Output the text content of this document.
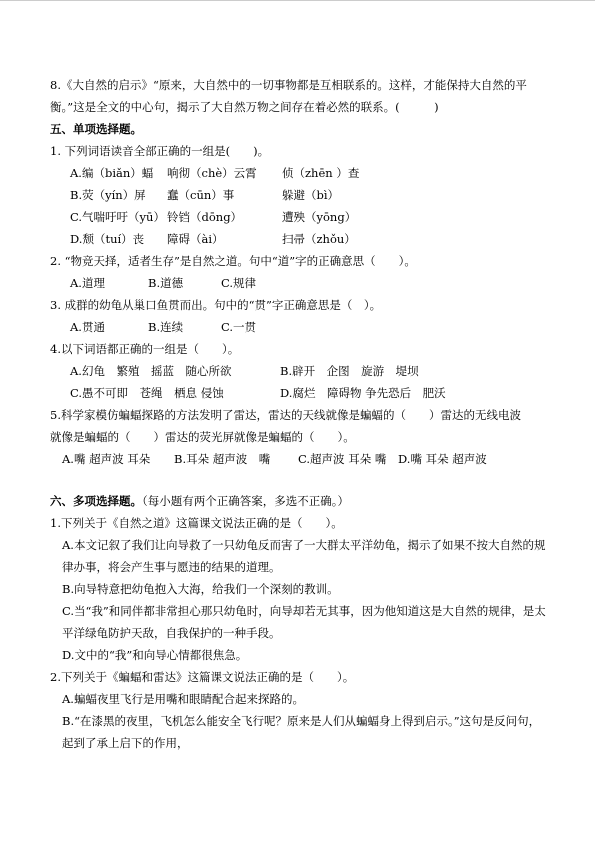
8.《大自然的启示》“原来，大自然中的一切事物都是互相联系的。这样，才能保持大自然的平衡。”这是全文的中心句，揭示了大自然万物之间存在着必然的联系。(　　　)
五、单项选择题。
1. 下列词语读音全部正确的一组是(　　)。
A.编（biǎn）蝠 响彻（chè）云霄 侦（zhēn ）查
B.荧（yín）屏 蠢（cūn）事	躲避（bì）
C.气喘吁吁（yū） 铃铛（dōng）	遭殃（yōng）
D.颓（tuí）丧 障碍（ài）	扫帚（zhǒu）
2. “物竞天择，适者生存”是自然之道。句中“道”字的正确意思（　　）。
A.道理	B.道德	C.规律
3. 成群的幼龟从巢口鱼贯而出。句中的“贯”字正确意思是（　）。
A.贯通	B.连续	C.一贯
4.以下词语都正确的一组是（　　）。
A.幻龟　繁殖　摇蓝　随心所欲	B.辟开　企图　旋游　堤坝
C.愚不可即　苍绳　栖息 侵蚀	D.腐烂　障碍物 争先恐后　肥沃
5.科学家模仿蝙蝠探路的方法发明了雷达，雷达的天线就像是蝙蝠的（　　）雷达的无线电波
就像是蝙蝠的（　　）雷达的荧光屏就像是蝙蝠的（　　）。
A.嘴 超声波 耳朵 B.耳朵 超声波　嘴 C.超声波 耳朵 嘴 D.嘴 耳朵 超声波
六、多项选择题。（每小题有两个正确答案，多选不正确。）
1.下列关于《自然之道》这篇课文说法正确的是（　　）。
A.本文记叙了我们让向导救了一只幼龟反而害了一大群太平洋幼龟，揭示了如果不按大自然的规律办事，将会产生事与愿违的结果的道理。
B.向导特意把幼龟抱入大海，给我们一个深刻的教训。
C.当“我”和同伴都非常担心那只幼龟时，向导却若无其事，因为他知道这是大自然的规律，是太平洋绿龟防护天敌，自我保护的一种手段。
D.文中的“我”和向导心情都很焦急。
2.下列关于《蝙蝠和雷达》这篇课文说法正确的是（　　）。
A.蝙蝠夜里飞行是用嘴和眼睛配合起来探路的。
B.“在漆黑的夜里，飞机怎么能安全飞行呢？原来是人们从蝙蝠身上得到启示。”这句是反问句，起到了承上启下的作用，
